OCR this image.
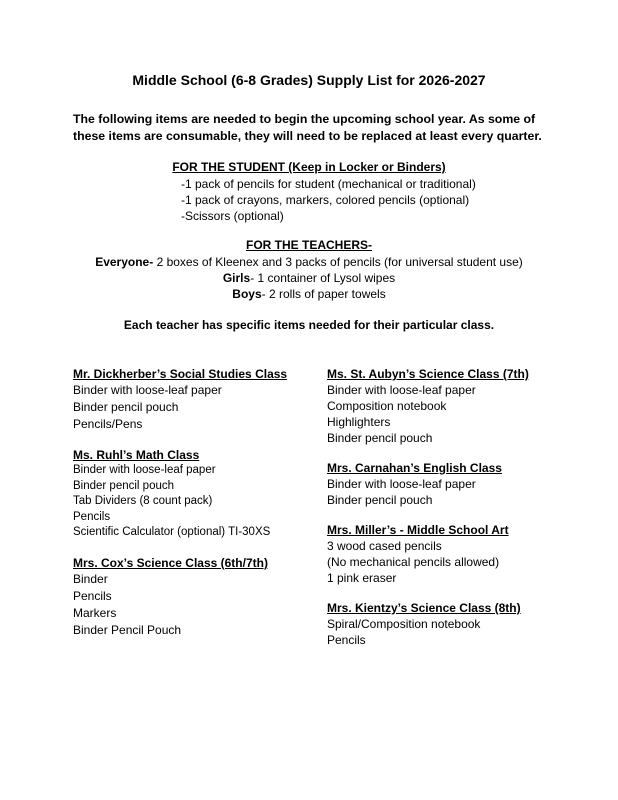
Middle School (6-8 Grades) Supply List for 2026-2027
The following items are needed to begin the upcoming school year. As some of these items are consumable, they will need to be replaced at least every quarter.
FOR THE STUDENT (Keep in Locker or Binders)
-1 pack of pencils for student (mechanical or traditional)
-1 pack of crayons, markers, colored pencils (optional)
-Scissors (optional)
FOR THE TEACHERS-
Everyone- 2 boxes of Kleenex and 3 packs of pencils (for universal student use)
Girls- 1 container of Lysol wipes
Boys- 2 rolls of paper towels
Each teacher has specific items needed for their particular class.
Mr. Dickherber’s Social Studies Class
Binder with loose-leaf paper
Binder pencil pouch
Pencils/Pens
Ms. Ruhl’s Math Class
Binder with loose-leaf paper
Binder pencil pouch
Tab Dividers (8 count pack)
Pencils
Scientific Calculator (optional) TI-30XS
Mrs. Cox’s Science Class (6th/7th)
Binder
Pencils
Markers
Binder Pencil Pouch
Ms. St. Aubyn’s Science Class (7th)
Binder with loose-leaf paper
Composition notebook
Highlighters
Binder pencil pouch
Mrs. Carnahan’s English Class
Binder with loose-leaf paper
Binder pencil pouch
Mrs. Miller’s - Middle School Art
3 wood cased pencils
(No mechanical pencils allowed)
1 pink eraser
Mrs. Kientzy’s Science Class (8th)
Spiral/Composition notebook
Pencils
